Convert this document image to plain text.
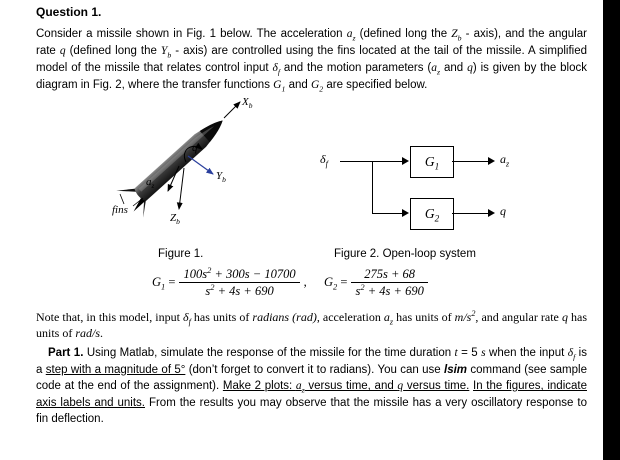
Question 1.

Consider a missile shown in Fig. 1 below. The acceleration $a_z$ (defined long the $Z_b$ - axis), and the angular rate q (defined long the $Y_b$ - axis) are controlled using the fins located at the tail of the missile. A simplified model of the missile that relates control input $\delta_f$ and the motion parameters ($a_z$ and q) is given by the block diagram in Fig. 2, where the transfer functions $G_1$ and $G_2$ are specified below.

$X_b$
q
$Y_b$
$a_z$
$Z_b$
fins
$\delta_f$	$G_1$
$G_2$
$a_z$
q
Figure 1.	Figure 2. Open-loop system
$G_1 = \frac{100s^2 + 300s - 10700}{s^2 + 4s + 690}$ , $G_2 = \frac{275s + 68}{s^2 + 4s + 690}$

Note that, in this model, input $\delta_f$ has units of radians (rad), acceleration $a_z$ has units of $m/s^2$, and angular rate q has units of rad/s.

Part 1. Using Matlab, simulate the response of the missile for the time duration t = 5 s when the input $\delta_f$ is a step with a magnitude of 5° (don’t forget to convert it to radians). You can use lsim command (see sample code at the end of the assignment). Make 2 plots: $a_z$ versus time, and q versus time. In the figures, indicate axis labels and units. From the results you may observe that the missile has a very oscillatory response to fin deflection.
